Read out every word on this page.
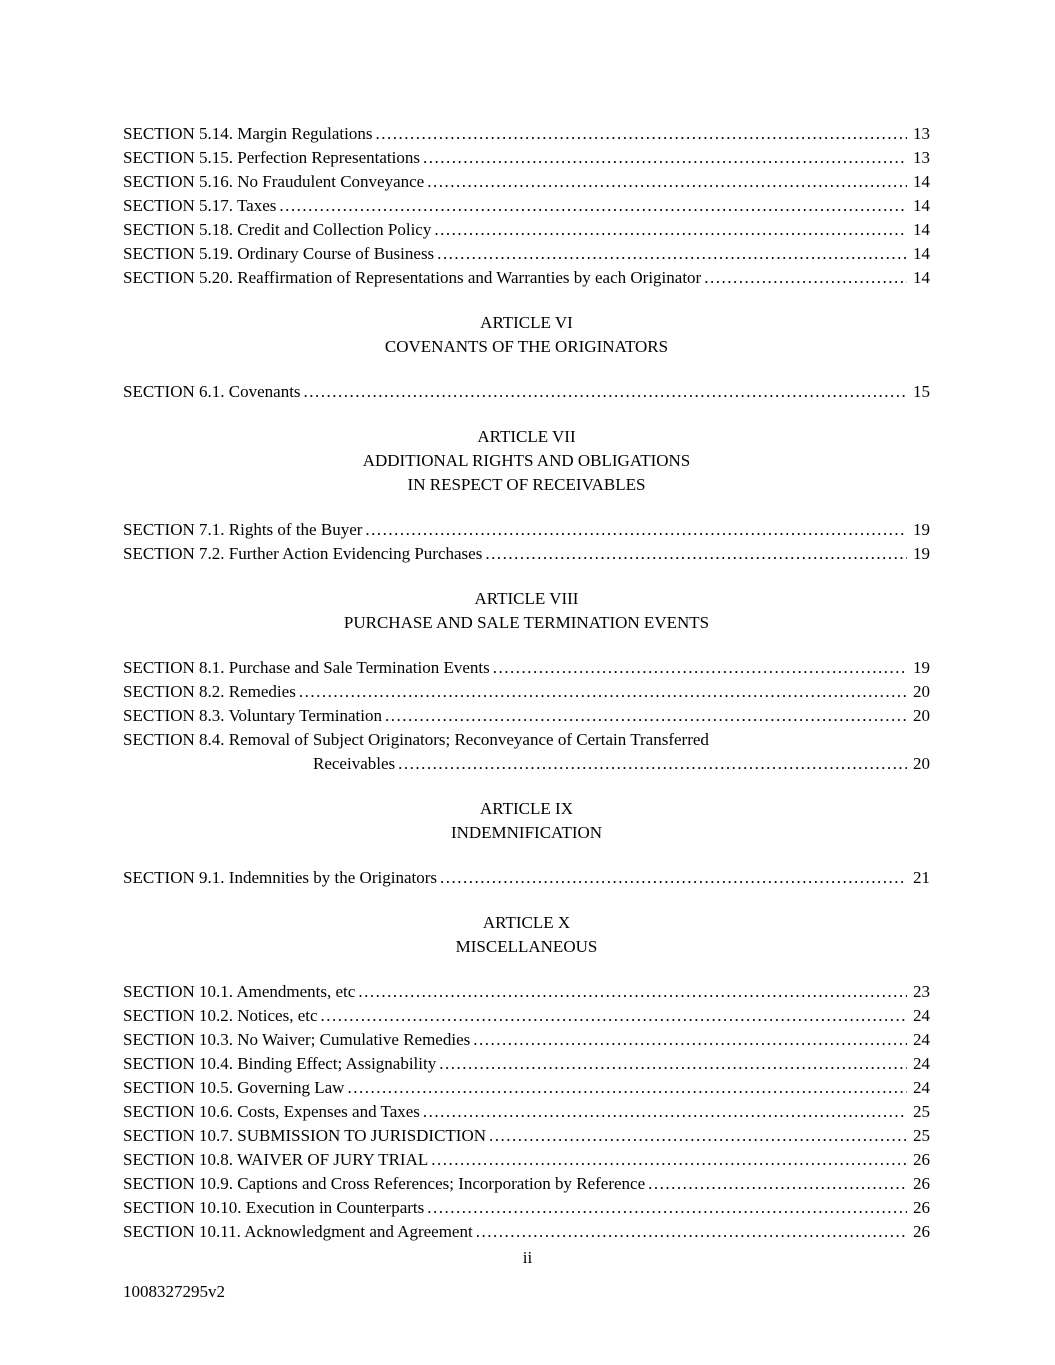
SECTION 5.14. Margin Regulations .....	13
SECTION 5.15. Perfection Representations .....	13
SECTION 5.16. No Fraudulent Conveyance .....	14
SECTION 5.17. Taxes .....	14
SECTION 5.18. Credit and Collection Policy .....	14
SECTION 5.19. Ordinary Course of Business .....	14
SECTION 5.20. Reaffirmation of Representations and Warranties by each Originator .....	14
ARTICLE VI
COVENANTS OF THE ORIGINATORS
SECTION 6.1. Covenants .....	15
ARTICLE VII
ADDITIONAL RIGHTS AND OBLIGATIONS
IN RESPECT OF RECEIVABLES
SECTION 7.1. Rights of the Buyer .....	19
SECTION 7.2. Further Action Evidencing Purchases .....	19
ARTICLE VIII
PURCHASE AND SALE TERMINATION EVENTS
SECTION 8.1. Purchase and Sale Termination Events .....	19
SECTION 8.2. Remedies .....	20
SECTION 8.3. Voluntary Termination .....	20
SECTION 8.4. Removal of Subject Originators; Reconveyance of Certain Transferred
Receivables .....	20
ARTICLE IX
INDEMNIFICATION
SECTION 9.1. Indemnities by the Originators .....	21
ARTICLE X
MISCELLANEOUS
SECTION 10.1. Amendments, etc .....	23
SECTION 10.2. Notices, etc .....	24
SECTION 10.3. No Waiver; Cumulative Remedies .....	24
SECTION 10.4. Binding Effect; Assignability .....	24
SECTION 10.5. Governing Law .....	24
SECTION 10.6. Costs, Expenses and Taxes .....	25
SECTION 10.7. SUBMISSION TO JURISDICTION .....	25
SECTION 10.8. WAIVER OF JURY TRIAL .....	26
SECTION 10.9. Captions and Cross References; Incorporation by Reference .....	26
SECTION 10.10. Execution in Counterparts .....	26
SECTION 10.11. Acknowledgment and Agreement .....	26
ii
1008327295v2
